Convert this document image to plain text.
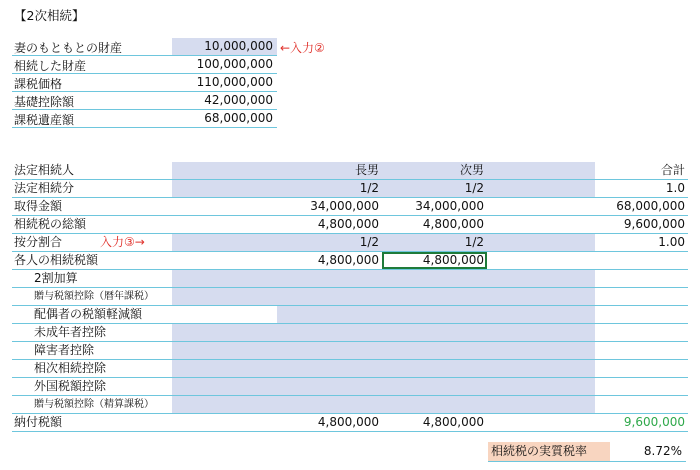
【2次相続】
妻のもともとの財産	10,000,000 ←入力②
相続した財産	100,000,000
課税価格	110,000,000
基礎控除額	42,000,000
課税遺産額	68,000,000
法定相続人	長男	次男	合計
法定相続分	1/2	1/2	1.0
取得金額	34,000,000	34,000,000	68,000,000
相続税の総額	4,800,000	4,800,000	9,600,000
按分割合	入力③→	1/2	1/2	1.00
各人の相続税額	4,800,000	4,800,000
2割加算
贈与税額控除（暦年課税）
配偶者の税額軽減額
未成年者控除
障害者控除
相次相続控除
外国税額控除
贈与税額控除（精算課税）
納付税額	4,800,000	4,800,000	9,600,000
相続税の実質税率	8.72%
